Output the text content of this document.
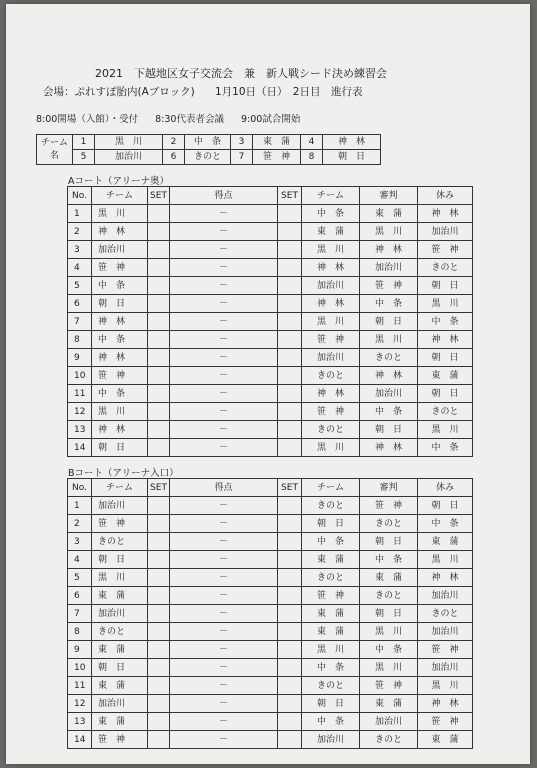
2021　下越地区女子交流会　兼　新人戦シード決め練習会
会場：ぷれすぽ胎内(Aブロック) 1月10日（日）　2日目　進行表
8:00開場（入館）・受付 8:30代表者会議 9:00試合開始
チーム名	1	黒　川	2	中　条	3	東　蒲	4	神　林
	5	加治川	6	きのと	7	笹　神	8	朝　日
Aコート（アリーナ奥）
No.	チーム	SET	得点	SET	チーム	審判	休み
1	黒　川		－		中　条	東　蒲	神　林
2	神　林		－		東　蒲	黒　川	加治川
3	加治川		－		黒　川	神　林	笹　神
4	笹　神		－		神　林	加治川	きのと
5	中　条		－		加治川	笹　神	朝　日
6	朝　日		－		神　林	中　条	黒　川
7	神　林		－		黒　川	朝　日	中　条
8	中　条		－		笹　神	黒　川	神　林
9	神　林		－		加治川	きのと	朝　日
10	笹　神		－		きのと	神　林	東　蒲
11	中　条		－		神　林	加治川	朝　日
12	黒　川		－		笹　神	中　条	きのと
13	神　林		－		きのと	朝　日	黒　川
14	朝　日		－		黒　川	神　林	中　条
Bコート（アリーナ入口）
No.	チーム	SET	得点	SET	チーム	審判	休み
1	加治川		－		きのと	笹　神	朝　日
2	笹　神		－		朝　日	きのと	中　条
3	きのと		－		中　条	朝　日	東　蒲
4	朝　日		－		東　蒲	中　条	黒　川
5	黒　川		－		きのと	東　蒲	神　林
6	東　蒲		－		笹　神	きのと	加治川
7	加治川		－		東　蒲	朝　日	きのと
8	きのと		－		東　蒲	黒　川	加治川
9	東　蒲		－		黒　川	中　条	笹　神
10	朝　日		－		中　条	黒　川	加治川
11	東　蒲		－		きのと	笹　神	黒　川
12	加治川		－		朝　日	東　蒲	神　林
13	東　蒲		－		中　条	加治川	笹　神
14	笹　神		－		加治川	きのと	東　蒲
